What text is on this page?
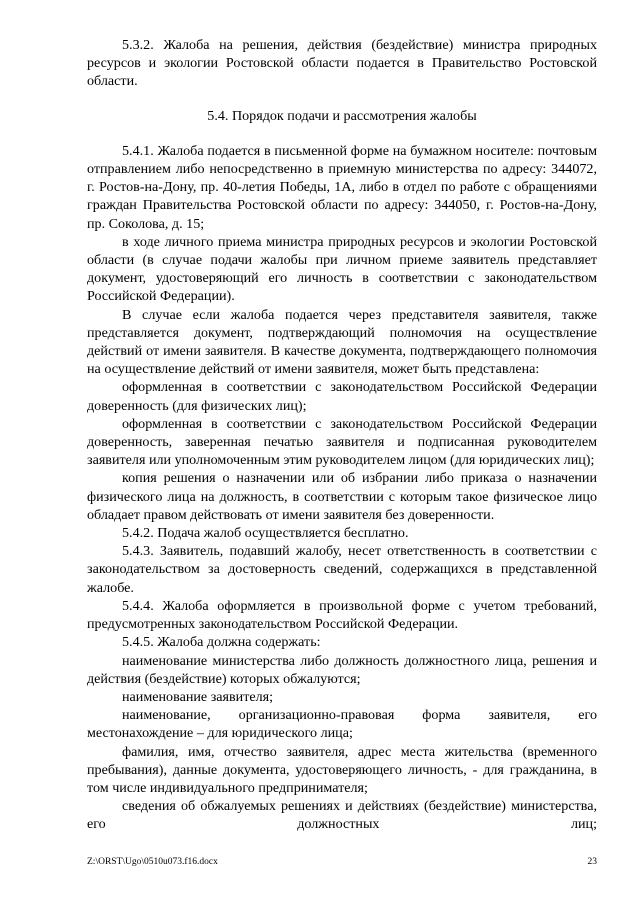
5.3.2. Жалоба на решения, действия (бездействие) министра природных ресурсов и экологии Ростовской области подается в Правительство Ростовской области.

5.4. Порядок подачи и рассмотрения жалобы

5.4.1. Жалоба подается в письменной форме на бумажном носителе: почтовым отправлением либо непосредственно в приемную министерства по адресу: 344072, г. Ростов-на-Дону, пр. 40-летия Победы, 1А, либо в отдел по работе с обращениями граждан Правительства Ростовской области по адресу: 344050, г. Ростов-на-Дону, пр. Соколова, д. 15;

в ходе личного приема министра природных ресурсов и экологии Ростовской области (в случае подачи жалобы при личном приеме заявитель представляет документ, удостоверяющий его личность в соответствии с законодательством Российской Федерации).

В случае если жалоба подается через представителя заявителя, также представляется документ, подтверждающий полномочия на осуществление действий от имени заявителя. В качестве документа, подтверждающего полномочия на осуществление действий от имени заявителя, может быть представлена:

оформленная в соответствии с законодательством Российской Федерации доверенность (для физических лиц);

оформленная в соответствии с законодательством Российской Федерации доверенность, заверенная печатью заявителя и подписанная руководителем заявителя или уполномоченным этим руководителем лицом (для юридических лиц);

копия решения о назначении или об избрании либо приказа о назначении физического лица на должность, в соответствии с которым такое физическое лицо обладает правом действовать от имени заявителя без доверенности.

5.4.2. Подача жалоб осуществляется бесплатно.

5.4.3. Заявитель, подавший жалобу, несет ответственность в соответствии с законодательством за достоверность сведений, содержащихся в представленной жалобе.

5.4.4. Жалоба оформляется в произвольной форме с учетом требований, предусмотренных законодательством Российской Федерации.

5.4.5. Жалоба должна содержать:

наименование министерства либо должность должностного лица, решения и действия (бездействие) которых обжалуются;

наименование заявителя;

наименование, организационно-правовая форма заявителя, его местонахождение – для юридического лица;

фамилия, имя, отчество заявителя, адрес места жительства (временного пребывания), данные документа, удостоверяющего личность, - для гражданина, в том числе индивидуального предпринимателя;

сведения об обжалуемых решениях и действиях (бездействие) министерства, его должностных лиц;

Z:\ORST\Ugo\0510u073.f16.docx	23
